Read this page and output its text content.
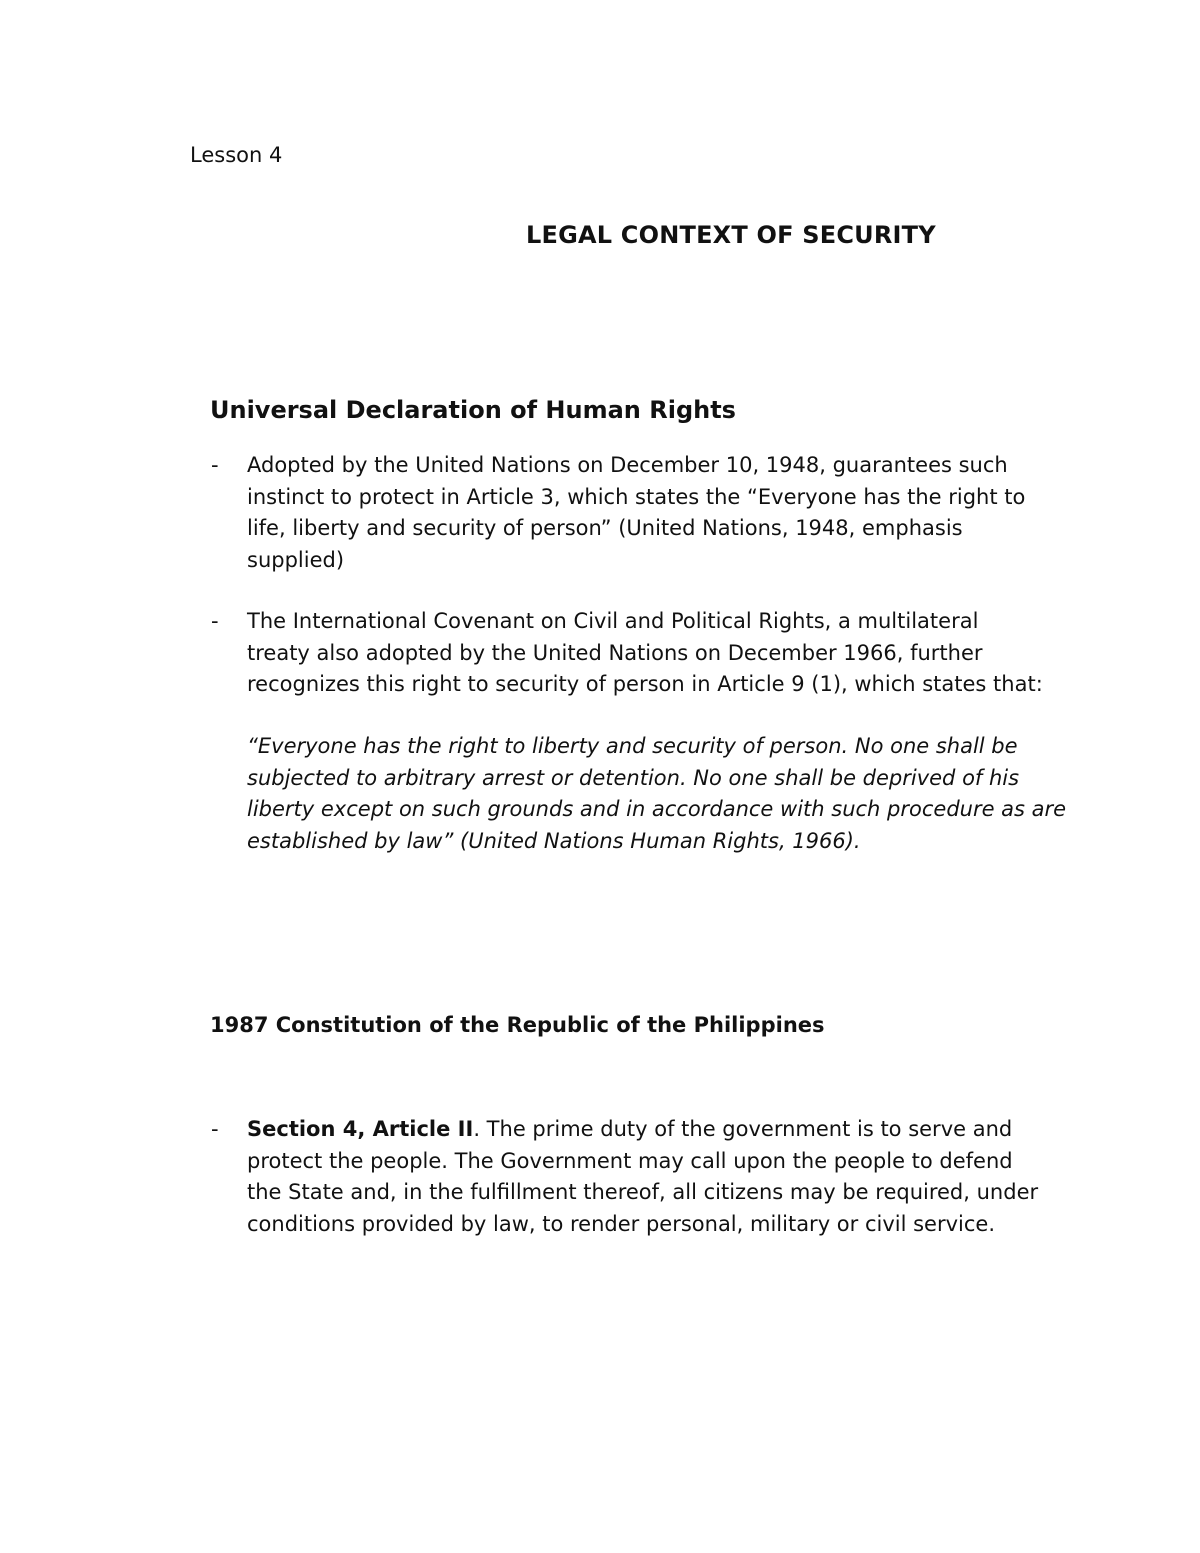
Lesson 4
LEGAL CONTEXT OF SECURITY
Universal Declaration of Human Rights
- Adopted by the United Nations on December 10, 1948, guarantees such instinct to protect in Article 3, which states the “Everyone has the right to life, liberty and security of person” (United Nations, 1948, emphasis supplied)
- The International Covenant on Civil and Political Rights, a multilateral treaty also adopted by the United Nations on December 1966, further recognizes this right to security of person in Article 9 (1), which states that:
“Everyone has the right to liberty and security of person. No one shall be subjected to arbitrary arrest or detention. No one shall be deprived of his liberty except on such grounds and in accordance with such procedure as are established by law” (United Nations Human Rights, 1966).
1987 Constitution of the Republic of the Philippines
- Section 4, Article II. The prime duty of the government is to serve and protect the people. The Government may call upon the people to defend the State and, in the fulfillment thereof, all citizens may be required, under conditions provided by law, to render personal, military or civil service.
